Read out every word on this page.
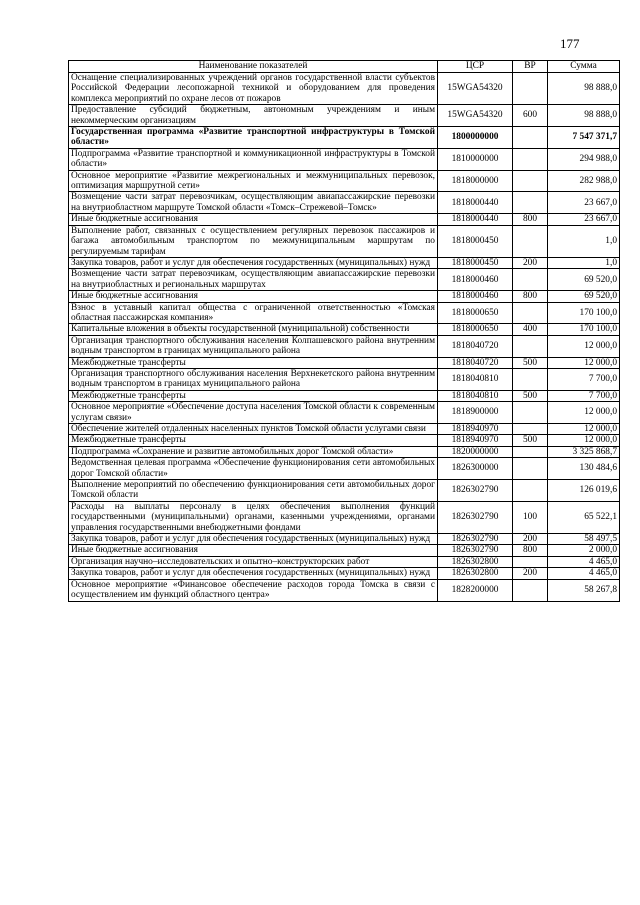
177
Наименование показателей	ЦСР	ВР	Сумма
Оснащение специализированных учреждений органов государственной власти субъектов Российской Федерации лесопожарной техникой и оборудованием для проведения комплекса мероприятий по охране лесов от пожаров	15WGA54320		98 888,0
Предоставление субсидий бюджетным, автономным учреждениям и иным некоммерческим организациям	15WGA54320	600	98 888,0
Государственная программа «Развитие транспортной инфраструктуры в Томской области»	1800000000		7 547 371,7
Подпрограмма «Развитие транспортной и коммуникационной инфраструктуры в Томской области»	1810000000		294 988,0
Основное мероприятие «Развитие межрегиональных и межмуниципальных перевозок, оптимизация маршрутной сети»	1818000000		282 988,0
Возмещение части затрат перевозчикам, осуществляющим авиапассажирские перевозки на внутриобластном маршруте Томской области «Томск–Стрежевой–Томск»	1818000440		23 667,0
Иные бюджетные ассигнования	1818000440	800	23 667,0
Выполнение работ, связанных с осуществлением регулярных перевозок пассажиров и багажа автомобильным транспортом по межмуниципальным маршрутам по регулируемым тарифам	1818000450		1,0
Закупка товаров, работ и услуг для обеспечения государственных (муниципальных) нужд	1818000450	200	1,0
Возмещение части затрат перевозчикам, осуществляющим авиапассажирские перевозки на внутриобластных и региональных маршрутах	1818000460		69 520,0
Иные бюджетные ассигнования	1818000460	800	69 520,0
Взнос в уставный капитал общества с ограниченной ответственностью «Томская областная пассажирская компания»	1818000650		170 100,0
Капитальные вложения в объекты государственной (муниципальной) собственности	1818000650	400	170 100,0
Организация транспортного обслуживания населения Колпашевского района внутренним водным транспортом в границах муниципального района	1818040720		12 000,0
Межбюджетные трансферты	1818040720	500	12 000,0
Организация транспортного обслуживания населения Верхнекетского района внутренним водным транспортом в границах муниципального района	1818040810		7 700,0
Межбюджетные трансферты	1818040810	500	7 700,0
Основное мероприятие «Обеспечение доступа населения Томской области к современным услугам связи»	1818900000		12 000,0
Обеспечение жителей отдаленных населенных пунктов Томской области услугами связи	1818940970		12 000,0
Межбюджетные трансферты	1818940970	500	12 000,0
Подпрограмма «Сохранение и развитие автомобильных дорог Томской области»	1820000000		3 325 868,7
Ведомственная целевая программа «Обеспечение функционирования сети автомобильных дорог Томской области»	1826300000		130 484,6
Выполнение мероприятий по обеспечению функционирования сети автомобильных дорог Томской области	1826302790		126 019,6
Расходы на выплаты персоналу в целях обеспечения выполнения функций государственными (муниципальными) органами, казенными учреждениями, органами управления государственными внебюджетными фондами	1826302790	100	65 522,1
Закупка товаров, работ и услуг для обеспечения государственных (муниципальных) нужд	1826302790	200	58 497,5
Иные бюджетные ассигнования	1826302790	800	2 000,0
Организация научно–исследовательских и опытно–конструкторских работ	1826302800		4 465,0
Закупка товаров, работ и услуг для обеспечения государственных (муниципальных) нужд	1826302800	200	4 465,0
Основное мероприятие «Финансовое обеспечение расходов города Томска в связи с осуществлением им функций областного центра»	1828200000		58 267,8
